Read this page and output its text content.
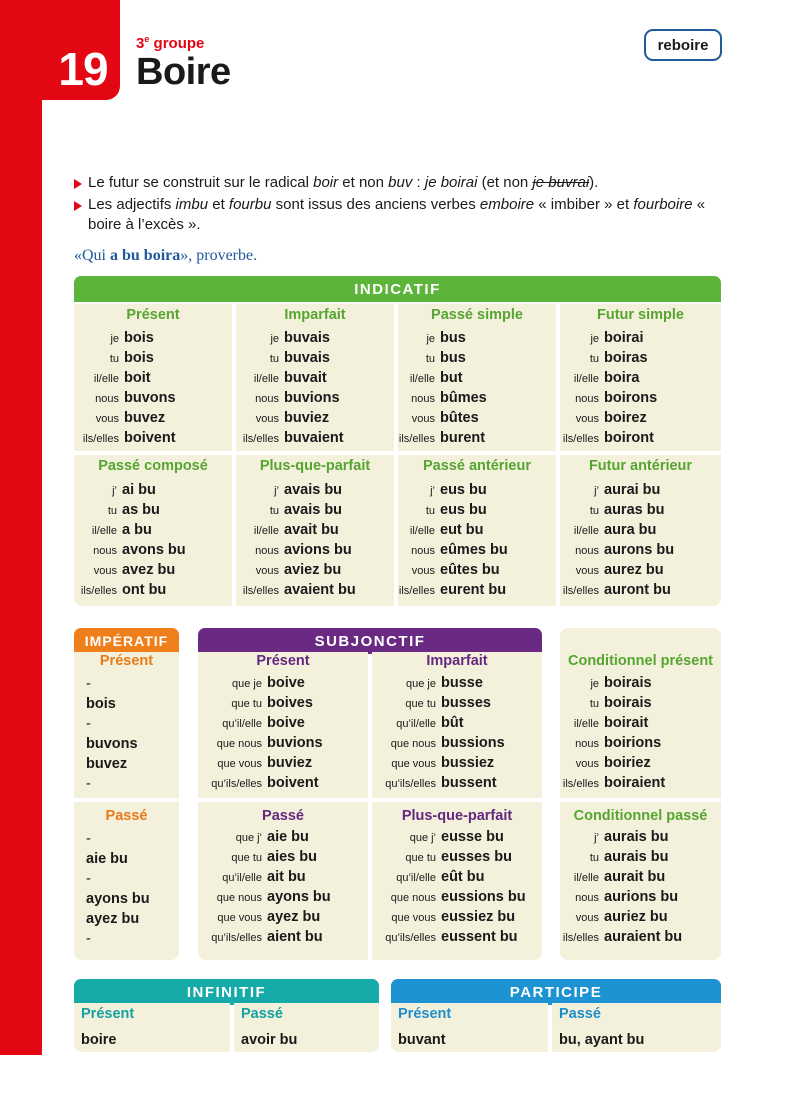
19	3e groupe
Boire
reboire

Le futur se construit sur le radical boir et non buv : je boirai (et non je buvrai).

Les adjectifs imbu et fourbu sont issus des anciens verbes emboire « imbiber » et fourboire « boire à l’excès ».

«Qui a bu boira», proverbe.
INDICATIF
Présent
je bois
tu bois
il/elle boit
nous buvons
vous buvez
ils/elles boivent
Imparfait
je buvais
tu buvais
il/elle buvait
nous buvions
vous buviez
ils/elles buvaient
Passé simple
je bus
tu bus
il/elle but
nous bûmes
vous bûtes
ils/elles burent
Futur simple
je boirai
tu boiras
il/elle boira
nous boirons
vous boirez
ils/elles boiront
Passé composé
j’ ai bu
tu as bu
il/elle a bu
nous avons bu
vous avez bu
ils/elles ont bu
Plus-que-parfait
j’ avais bu
tu avais bu
il/elle avait bu
nous avions bu
vous aviez bu
ils/elles avaient bu
Passé antérieur
j’ eus bu
tu eus bu
il/elle eut bu
nous eûmes bu
vous eûtes bu
ils/elles eurent bu
Futur antérieur
j’ aurai bu
tu auras bu
il/elle aura bu
nous aurons bu
vous aurez bu
ils/elles auront bu
IMPÉRATIF
Présent
-
bois
-
buvons
buvez
-
Passé
-
aie bu
-
ayons bu
ayez bu
-
SUBJONCTIF
Présent
que je boive
que tu boives
qu’il/elle boive
que nous buvions
que vous buviez
qu’ils/elles boivent
Imparfait
que je busse
que tu busses
qu’il/elle bût
que nous bussions
que vous bussiez
qu’ils/elles bussent
Passé
que j’ aie bu
que tu aies bu
qu’il/elle ait bu
que nous ayons bu
que vous ayez bu
qu’ils/elles aient bu
Plus-que-parfait
que j’ eusse bu
que tu eusses bu
qu’il/elle eût bu
que nous eussions bu
que vous eussiez bu
qu’ils/elles eussent bu
Conditionnel présent
je boirais
tu boirais
il/elle boirait
nous boirions
vous boiriez
ils/elles boiraient
Conditionnel passé
j’ aurais bu
tu aurais bu
il/elle aurait bu
nous aurions bu
vous auriez bu
ils/elles auraient bu
INFINITIF
Présent
boire
Passé
avoir bu
PARTICIPE
Présent
buvant
Passé
bu, ayant bu
